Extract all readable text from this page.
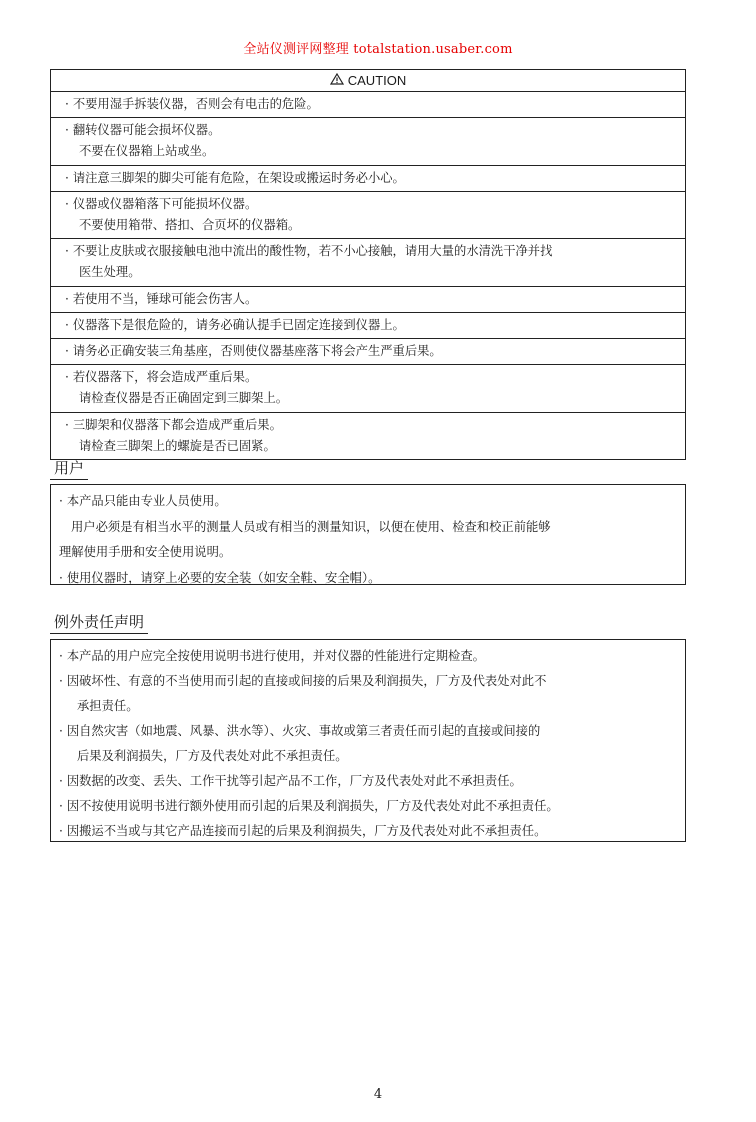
全站仪测评网整理 totalstation.usaber.com
CAUTION
· 不要用湿手拆装仪器，否则会有电击的危险。
· 翻转仪器可能会损坏仪器。
不要在仪器箱上站或坐。
· 请注意三脚架的脚尖可能有危险，在架设或搬运时务必小心。
· 仪器或仪器箱落下可能损坏仪器。
不要使用箱带、搭扣、合页坏的仪器箱。
· 不要让皮肤或衣服接触电池中流出的酸性物，若不小心接触，请用大量的水清洗干净并找
医生处理。
· 若使用不当，锤球可能会伤害人。
· 仪器落下是很危险的，请务必确认提手已固定连接到仪器上。
· 请务必正确安装三角基座，否则使仪器基座落下将会产生严重后果。
· 若仪器落下，将会造成严重后果。
请检查仪器是否正确固定到三脚架上。
· 三脚架和仪器落下都会造成严重后果。
请检查三脚架上的螺旋是否已固紧。
用户
· 本产品只能由专业人员使用。
用户必须是有相当水平的测量人员或有相当的测量知识，以便在使用、检查和校正前能够
理解使用手册和安全使用说明。
· 使用仪器时，请穿上必要的安全装（如安全鞋、安全帽）。
例外责任声明
· 本产品的用户应完全按使用说明书进行使用，并对仪器的性能进行定期检查。
· 因破坏性、有意的不当使用而引起的直接或间接的后果及利润损失，厂方及代表处对此不
承担责任。
· 因自然灾害（如地震、风暴、洪水等）、火灾、事故或第三者责任而引起的直接或间接的
后果及利润损失，厂方及代表处对此不承担责任。
· 因数据的改变、丢失、工作干扰等引起产品不工作，厂方及代表处对此不承担责任。
· 因不按使用说明书进行额外使用而引起的后果及利润损失，厂方及代表处对此不承担责任。
· 因搬运不当或与其它产品连接而引起的后果及利润损失，厂方及代表处对此不承担责任。
4
